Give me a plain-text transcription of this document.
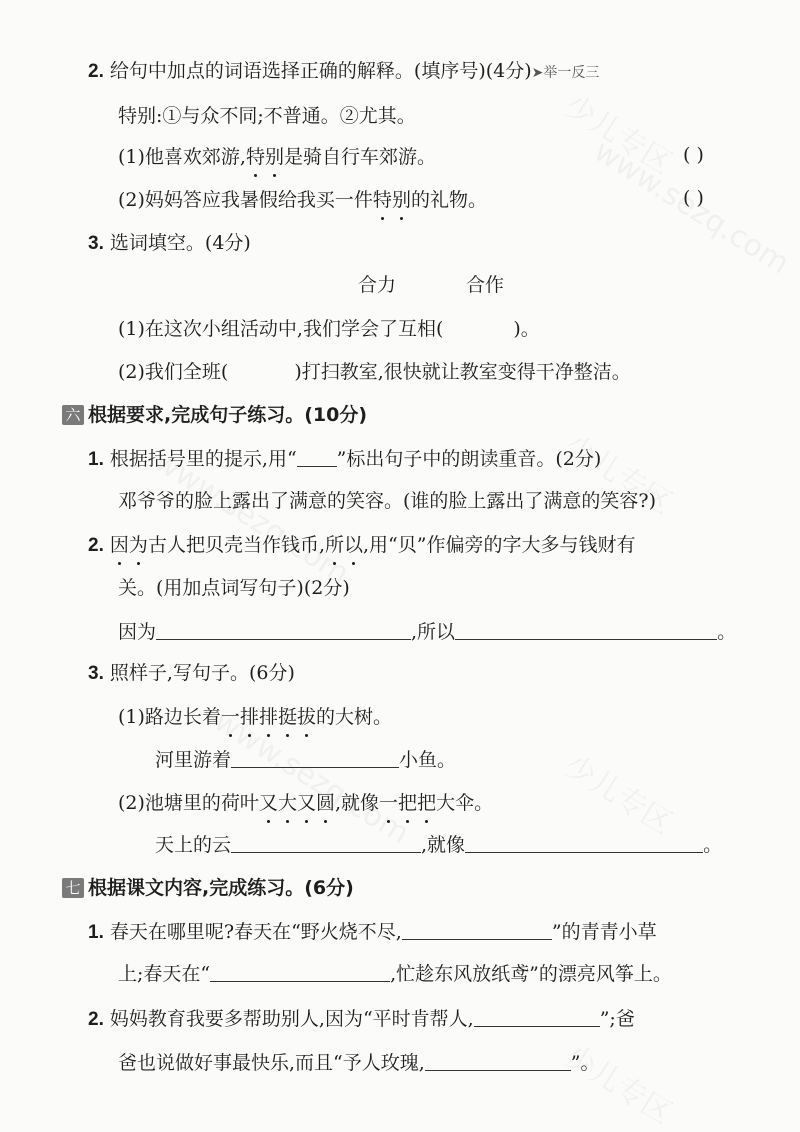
2. 给句中加点的词语选择正确的解释。(填序号)(4分)➤举一反三
特别:①与众不同;不普通。②尤其。
(1)他喜欢郊游,特别是骑自行车郊游。	( )
(2)妈妈答应我暑假给我买一件特别的礼物。	( )
3. 选词填空。(4分)
合力	合作
(1)在这次小组活动中,我们学会了互相(	)。
(2)我们全班(	)打扫教室,很快就让教室变得干净整洁。
六 根据要求,完成句子练习。(10分)
1. 根据括号里的提示,用“ ”标出句子中的朗读重音。(2分)
邓爷爷的脸上露出了满意的笑容。(谁的脸上露出了满意的笑容?)
2. 因为古人把贝壳当作钱币,所以,用“贝”作偏旁的字大多与钱财有
关。(用加点词写句子)(2分)
因为	,所以	。
3. 照样子,写句子。(6分)
(1)路边长着一排排挺拔的大树。
河里游着	小鱼。
(2)池塘里的荷叶又大又圆,就像一把把大伞。
天上的云	,就像	。
七 根据课文内容,完成练习。(6分)
1. 春天在哪里呢?春天在“野火烧不尽,	”的青青小草
上;春天在“	,忙趁东风放纸鸢”的漂亮风筝上。
2. 妈妈教育我要多帮助别人,因为“平时肯帮人,	”;爸
爸也说做好事最快乐,而且“予人玫瑰,	”。
